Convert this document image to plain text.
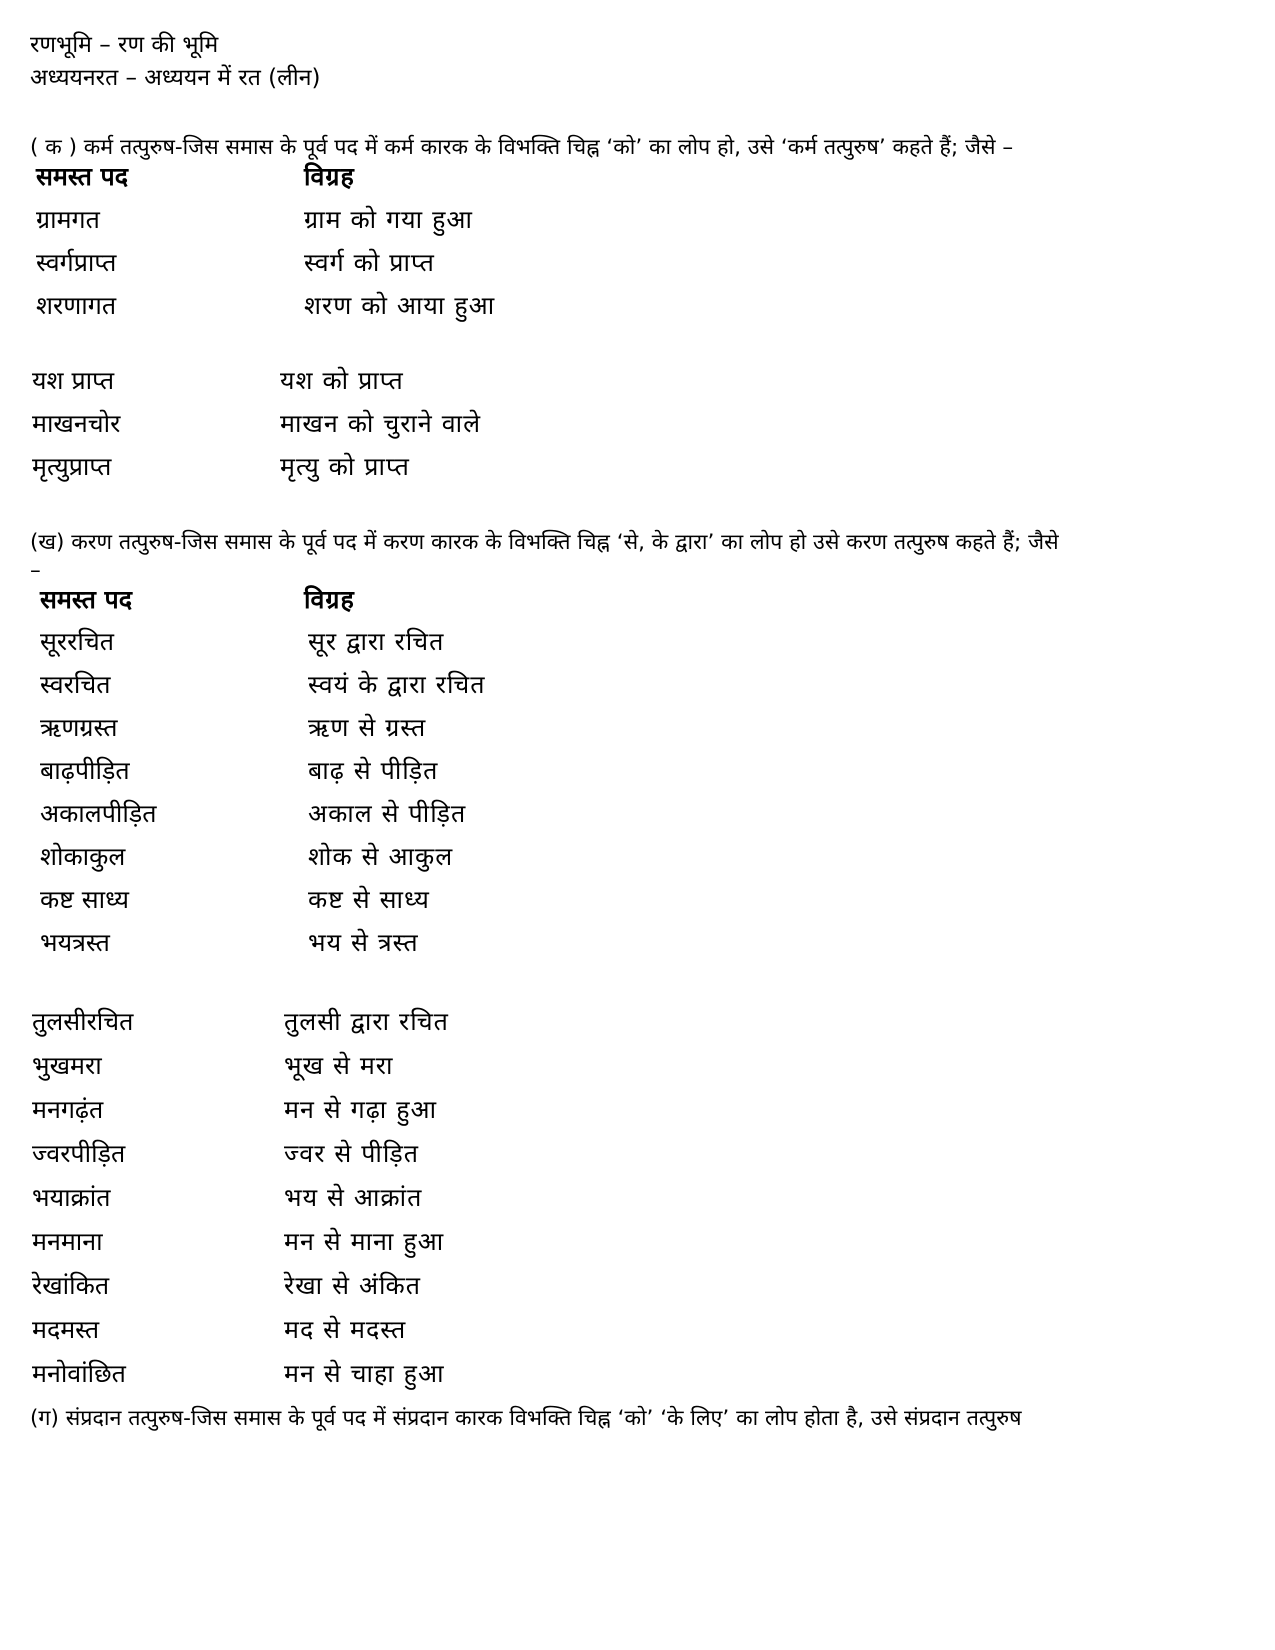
रणभूमि – रण की भूमि
अध्ययनरत – अध्ययन में रत (लीन)
( क ) कर्म तत्पुरुष-जिस समास के पूर्व पद में कर्म कारक के विभक्ति चिह्न ‘को’ का लोप हो, उसे ‘कर्म तत्पुरुष’ कहते हैं; जैसे –
समस्त पद	विग्रह
ग्रामगत	ग्राम को गया हुआ
स्वर्गप्राप्त	स्वर्ग को प्राप्त
शरणागत	शरण को आया हुआ
यश प्राप्त	यश को प्राप्त
माखनचोर	माखन को चुराने वाले
मृत्युप्राप्त	मृत्यु को प्राप्त
(ख) करण तत्पुरुष-जिस समास के पूर्व पद में करण कारक के विभक्ति चिह्न ‘से, के द्वारा’ का लोप हो उसे करण तत्पुरुष कहते हैं; जैसे
–
समस्त पद	विग्रह
सूररचित	सूर द्वारा रचित
स्वरचित	स्वयं के द्वारा रचित
ऋणग्रस्त	ऋण से ग्रस्त
बाढ़पीड़ित	बाढ़ से पीड़ित
अकालपीड़ित	अकाल से पीड़ित
शोकाकुल	शोक से आकुल
कष्ट साध्य	कष्ट से साध्य
भयत्रस्त	भय से त्रस्त
तुलसीरचित	तुलसी द्वारा रचित
भुखमरा	भूख से मरा
मनगढ़ंत	मन से गढ़ा हुआ
ज्वरपीड़ित	ज्वर से पीड़ित
भयाक्रांत	भय से आक्रांत
मनमाना	मन से माना हुआ
रेखांकित	रेखा से अंकित
मदमस्त	मद से मदस्त
मनोवांछित	मन से चाहा हुआ
(ग) संप्रदान तत्पुरुष-जिस समास के पूर्व पद में संप्रदान कारक विभक्ति चिह्न ‘को’ ‘के लिए’ का लोप होता है, उसे संप्रदान तत्पुरुष
